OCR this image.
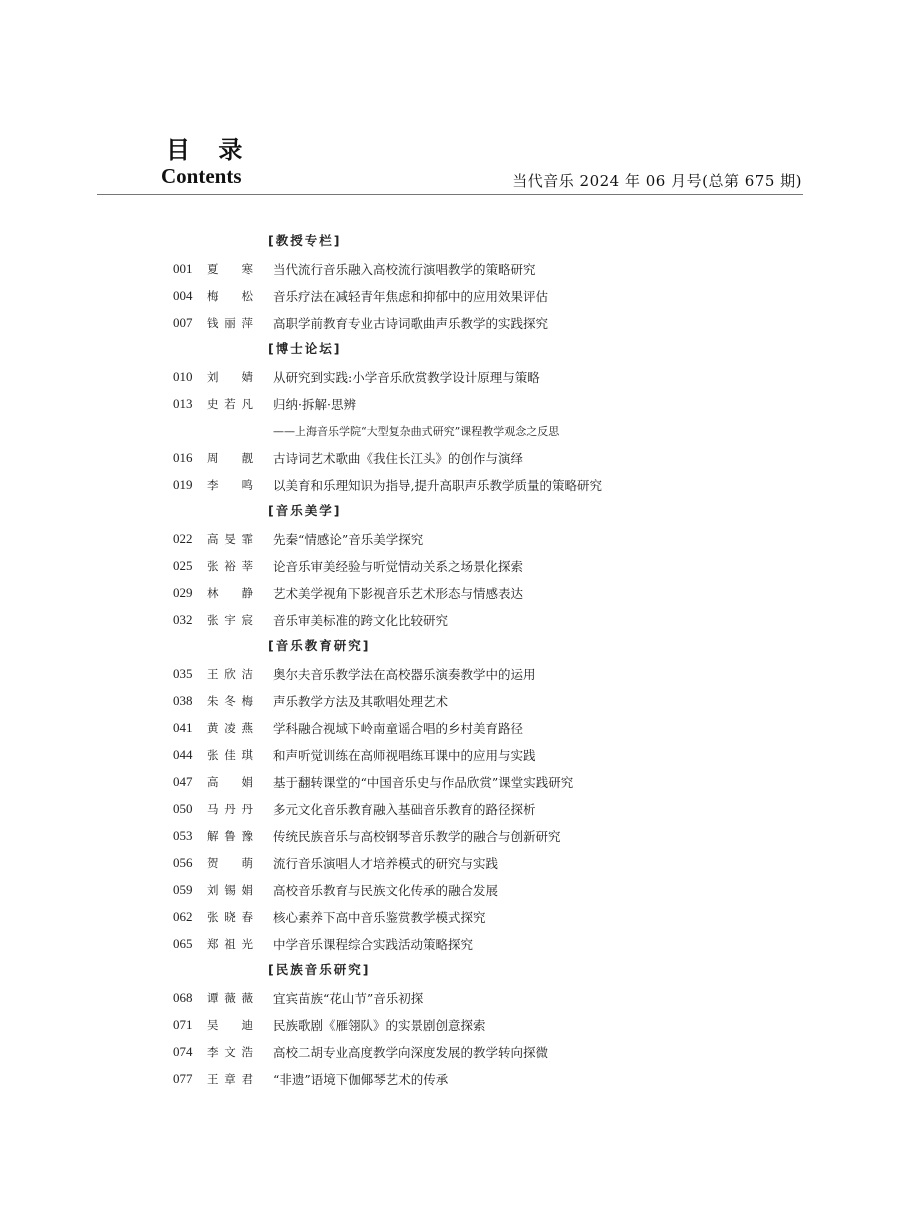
目 录
Contents	当代音乐 2024 年 06 月号(总第 675 期)
[教授专栏]
001 夏　寒 当代流行音乐融入高校流行演唱教学的策略研究
004 梅　松 音乐疗法在减轻青年焦虑和抑郁中的应用效果评估
007 钱丽萍 高职学前教育专业古诗词歌曲声乐教学的实践探究
[博士论坛]
010 刘　婧 从研究到实践:小学音乐欣赏教学设计原理与策略
013 史若凡 归纳·拆解·思辨
——上海音乐学院“大型复杂曲式研究”课程教学观念之反思
016 周　靓 古诗词艺术歌曲《我住长江头》的创作与演绎
019 李　鸣 以美育和乐理知识为指导,提升高职声乐教学质量的策略研究
[音乐美学]
022 高旻霏 先秦“情感论”音乐美学探究
025 张裕莘 论音乐审美经验与听觉情动关系之场景化探索
029 林　静 艺术美学视角下影视音乐艺术形态与情感表达
032 张宇宸 音乐审美标准的跨文化比较研究
[音乐教育研究]
035 王欣洁 奥尔夫音乐教学法在高校器乐演奏教学中的运用
038 朱冬梅 声乐教学方法及其歌唱处理艺术
041 黄凌燕 学科融合视域下岭南童谣合唱的乡村美育路径
044 张佳琪 和声听觉训练在高师视唱练耳课中的应用与实践
047 高　娟 基于翻转课堂的“中国音乐史与作品欣赏”课堂实践研究
050 马丹丹 多元文化音乐教育融入基础音乐教育的路径探析
053 解鲁豫 传统民族音乐与高校钢琴音乐教学的融合与创新研究
056 贺　萌 流行音乐演唱人才培养模式的研究与实践
059 刘锡娟 高校音乐教育与民族文化传承的融合发展
062 张晓春 核心素养下高中音乐鉴赏教学模式探究
065 郑祖光 中学音乐课程综合实践活动策略探究
[民族音乐研究]
068 谭薇薇 宜宾苗族“花山节”音乐初探
071 吴　迪 民族歌剧《雁翎队》的实景剧创意探索
074 李文浩 高校二胡专业高度教学向深度发展的教学转向探微
077 王章君 “非遗”语境下伽倻琴艺术的传承
